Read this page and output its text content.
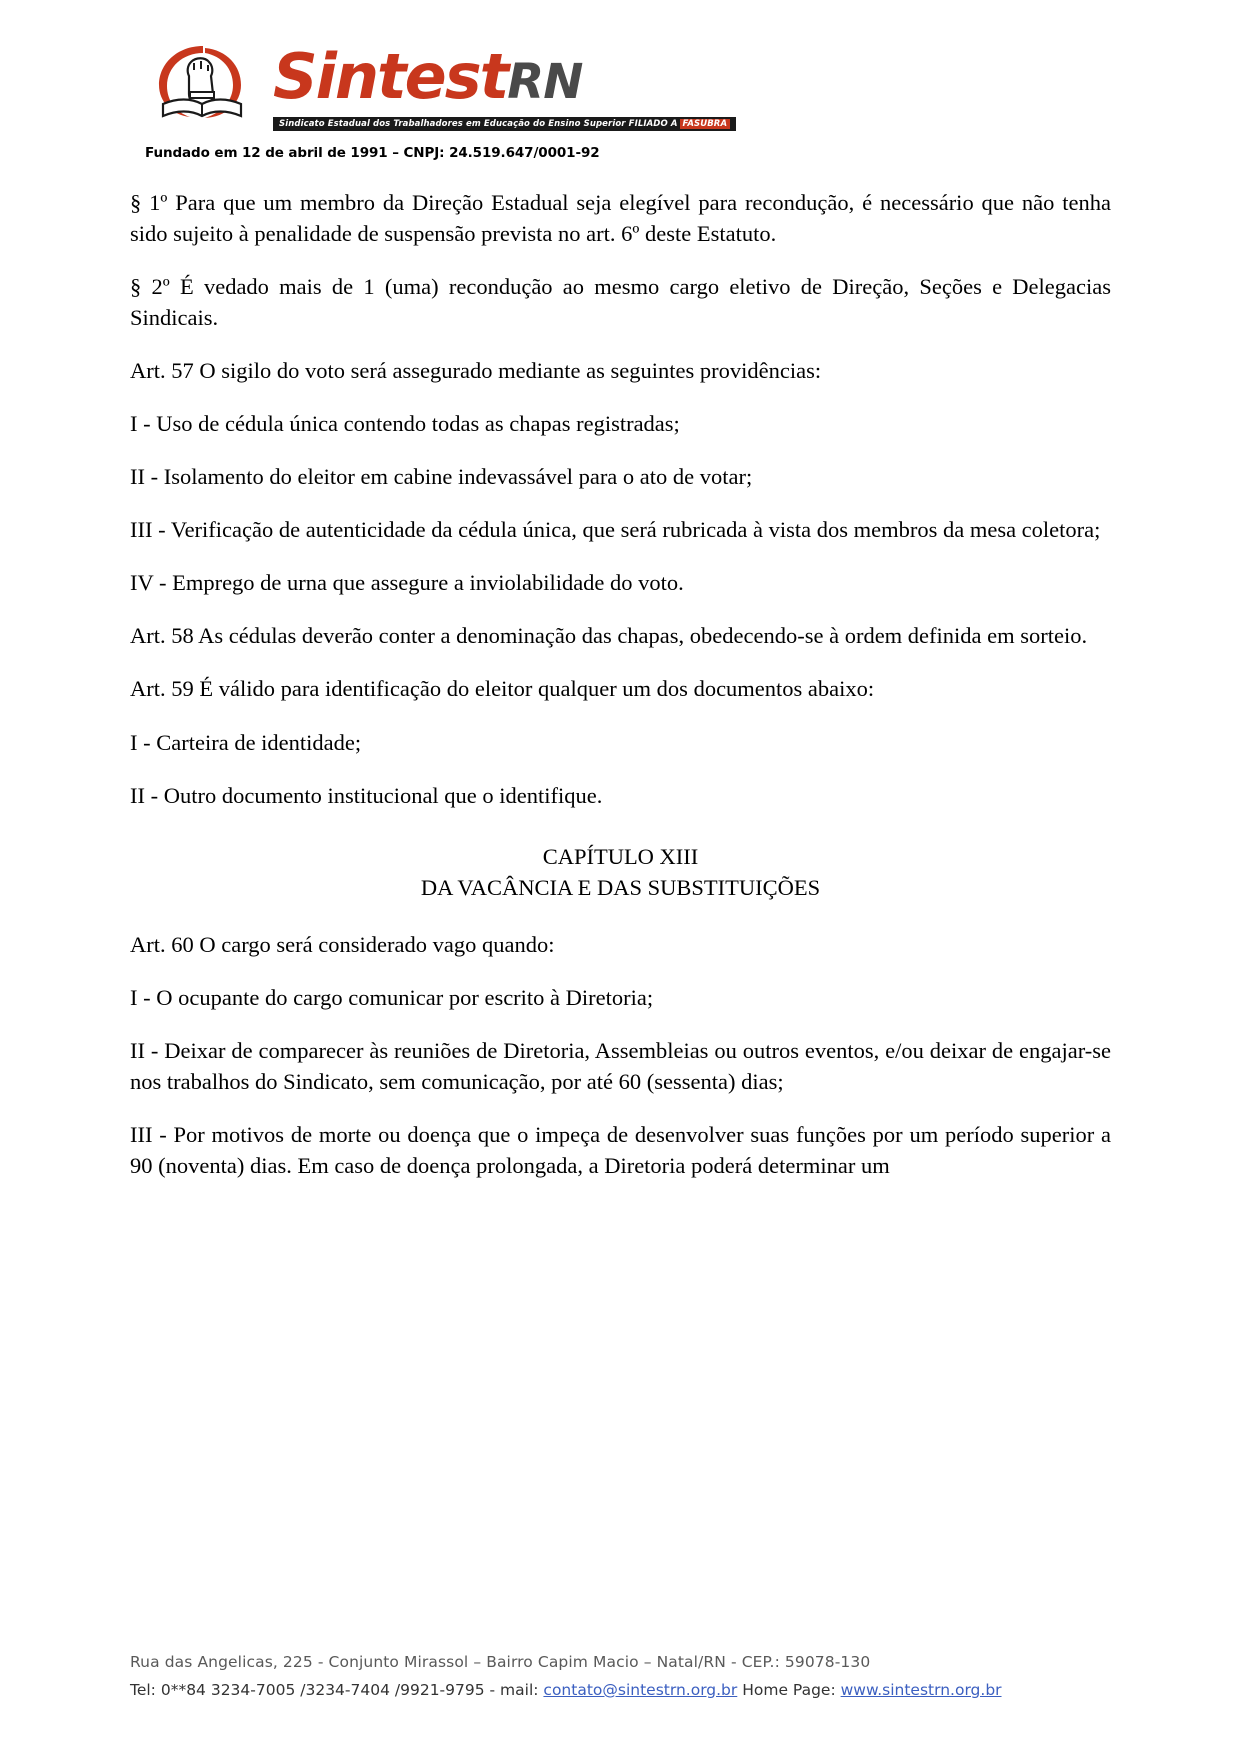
SintestRN
Sindicato Estadual dos Trabalhadores em Educação do Ensino Superior FILIADO A FASUBRA

Fundado em 12 de abril de 1991 – CNPJ: 24.519.647/0001-92

§ 1º Para que um membro da Direção Estadual seja elegível para recondução, é necessário que não tenha sido sujeito à penalidade de suspensão prevista no art. 6º deste Estatuto.

§ 2º É vedado mais de 1 (uma) recondução ao mesmo cargo eletivo de Direção, Seções e Delegacias Sindicais.

Art. 57 O sigilo do voto será assegurado mediante as seguintes providências:

I - Uso de cédula única contendo todas as chapas registradas;

II - Isolamento do eleitor em cabine indevassável para o ato de votar;

III - Verificação de autenticidade da cédula única, que será rubricada à vista dos membros da mesa coletora;

IV - Emprego de urna que assegure a inviolabilidade do voto.

Art. 58 As cédulas deverão conter a denominação das chapas, obedecendo-se à ordem definida em sorteio.

Art. 59 É válido para identificação do eleitor qualquer um dos documentos abaixo:

I - Carteira de identidade;

II - Outro documento institucional que o identifique.

CAPÍTULO XIII

DA VACÂNCIA E DAS SUBSTITUIÇÕES

Art. 60 O cargo será considerado vago quando:

I - O ocupante do cargo comunicar por escrito à Diretoria;

II - Deixar de comparecer às reuniões de Diretoria, Assembleias ou outros eventos, e/ou deixar de engajar-se nos trabalhos do Sindicato, sem comunicação, por até 60 (sessenta) dias;

III - Por motivos de morte ou doença que o impeça de desenvolver suas funções por um período superior a 90 (noventa) dias. Em caso de doença prolongada, a Diretoria poderá determinar um

Rua das Angelicas, 225 - Conjunto Mirassol – Bairro Capim Macio – Natal/RN - CEP.: 59078-130

Tel: 0**84 3234-7005 /3234-7404 /9921-9795 - mail: contato@sintestrn.org.br Home Page: www.sintestrn.org.br
